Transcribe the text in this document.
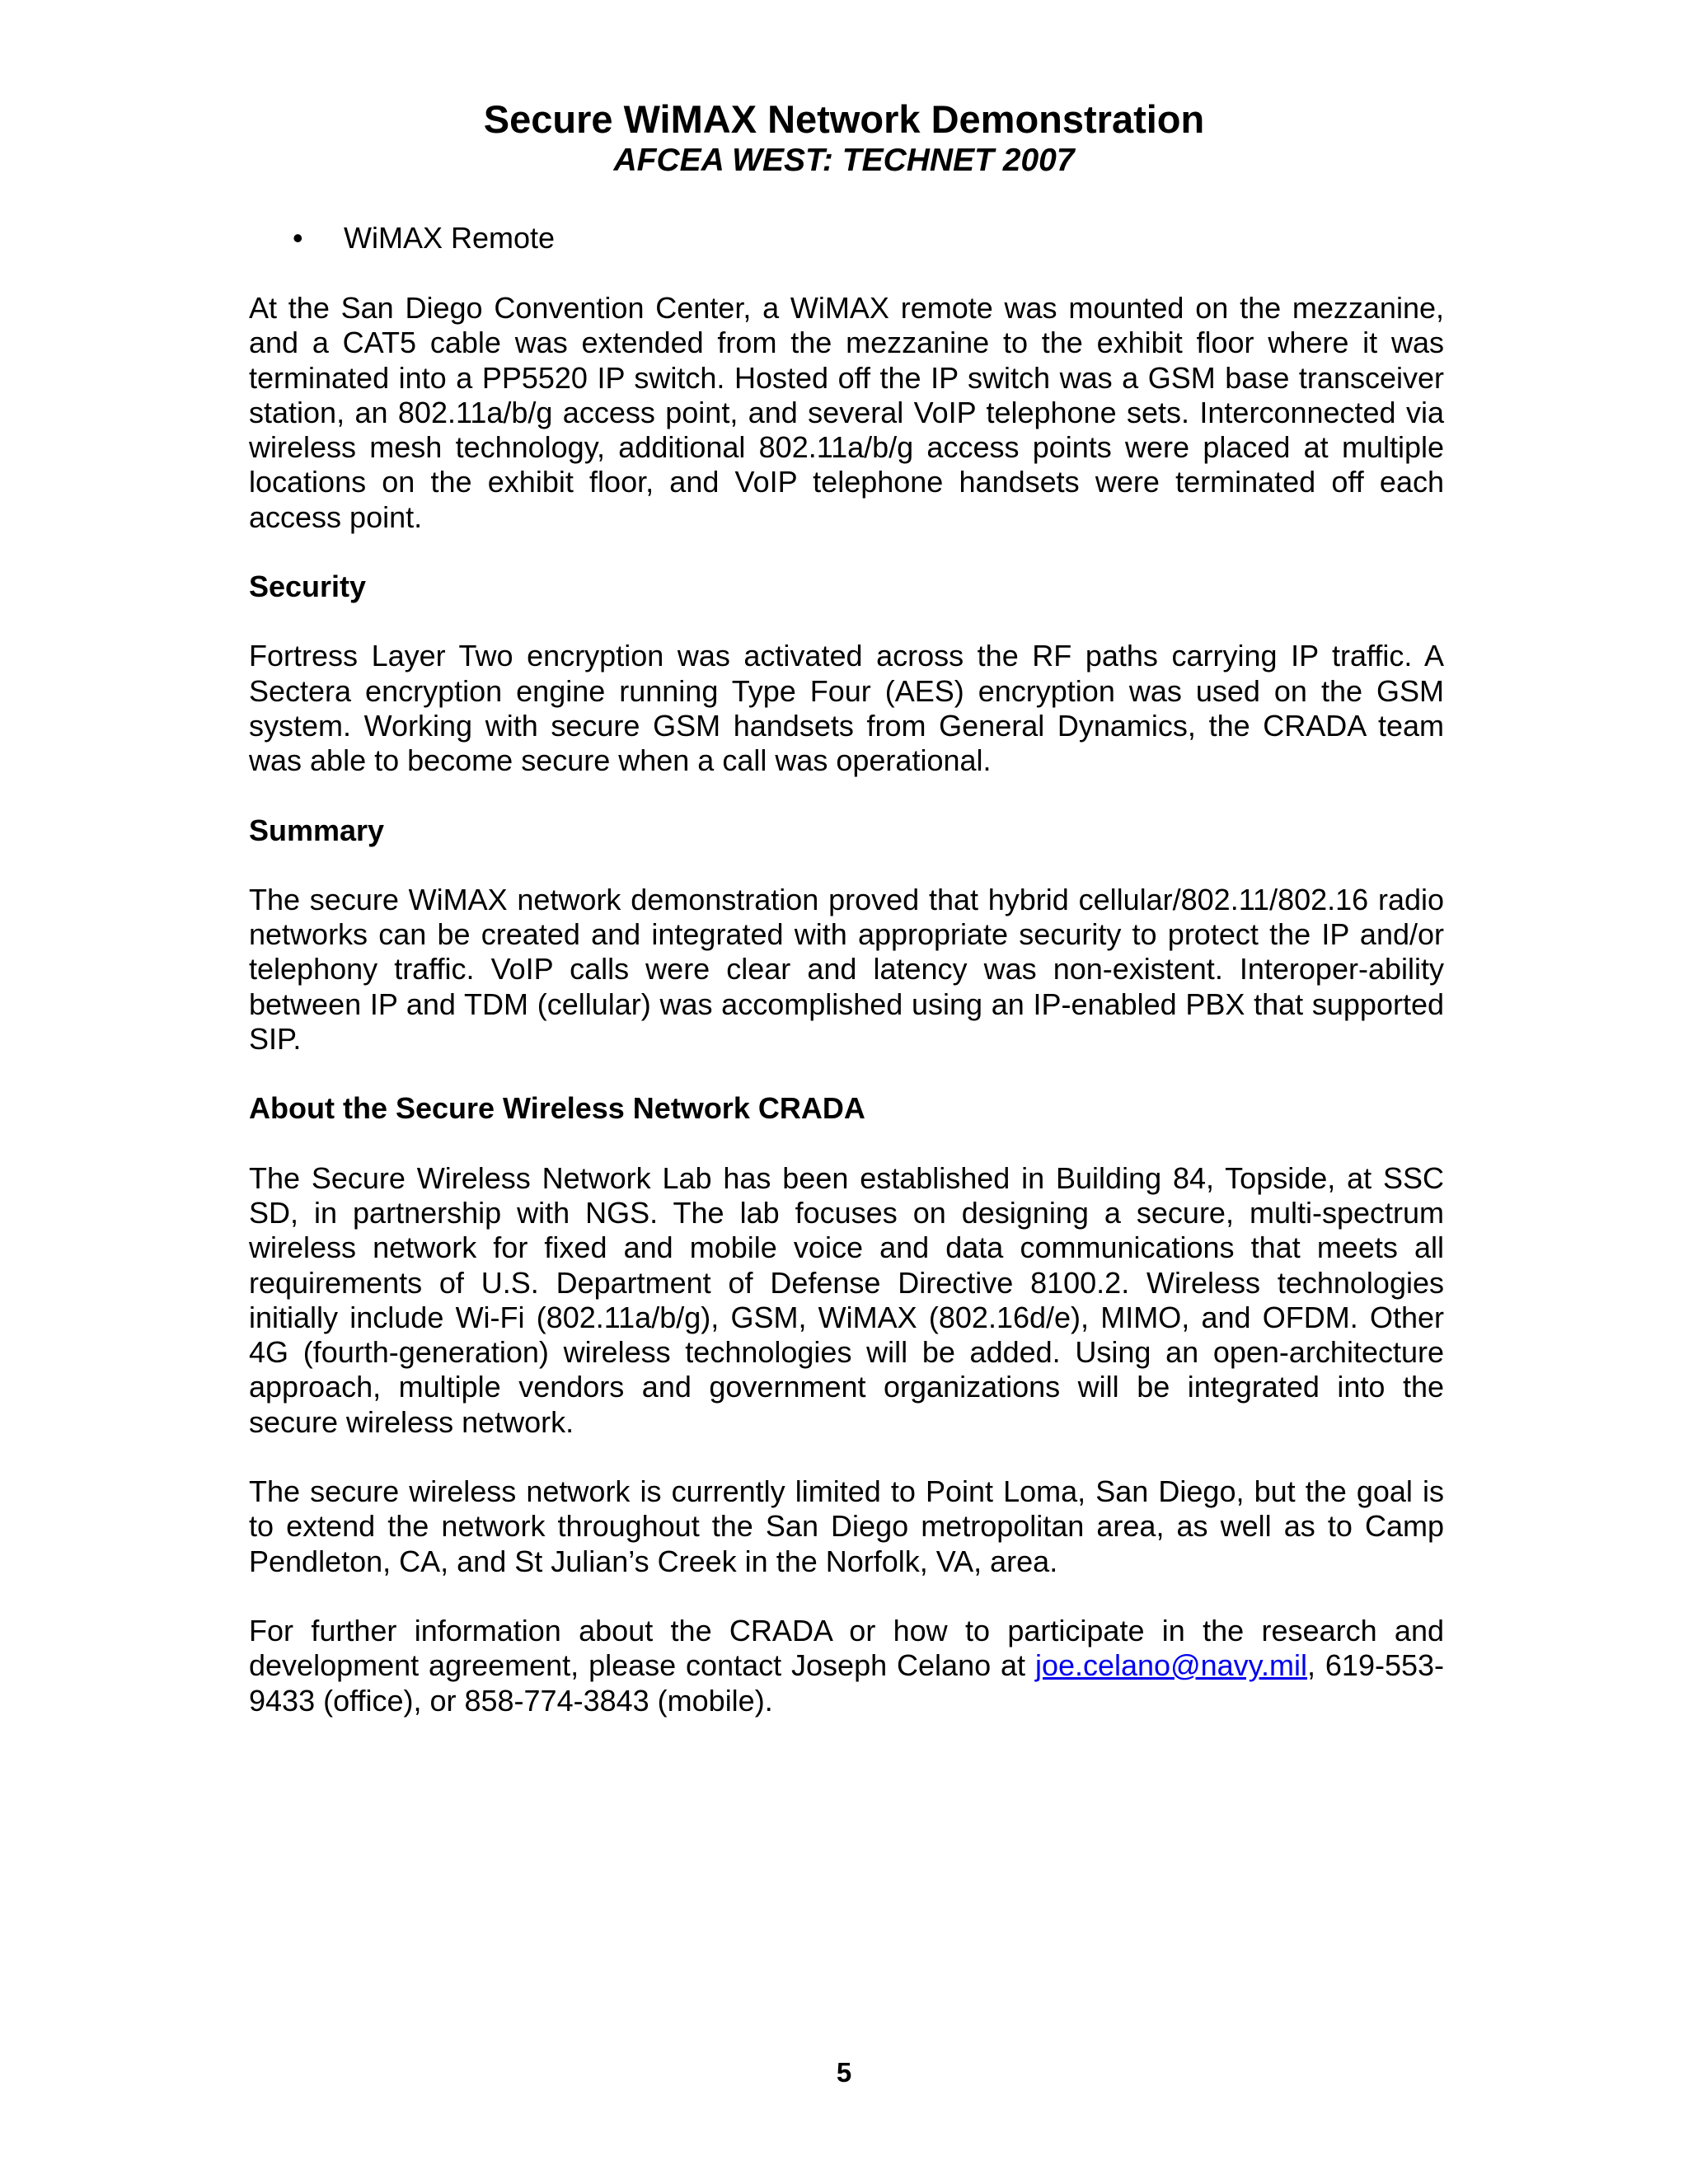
Secure WiMAX Network Demonstration
AFCEA WEST: TECHNET 2007
•	WiMAX Remote

At the San Diego Convention Center, a WiMAX remote was mounted on the mezzanine, and a CAT5 cable was extended from the mezzanine to the exhibit floor where it was terminated into a PP5520 IP switch. Hosted off the IP switch was a GSM base transceiver station, an 802.11a/b/g access point, and several VoIP telephone sets. Interconnected via wireless mesh technology, additional 802.11a/b/g access points were placed at multiple locations on the exhibit floor, and VoIP telephone handsets were terminated off each access point.

Security

Fortress Layer Two encryption was activated across the RF paths carrying IP traffic. A Sectera encryption engine running Type Four (AES) encryption was used on the GSM system. Working with secure GSM handsets from General Dynamics, the CRADA team was able to become secure when a call was operational.

Summary

The secure WiMAX network demonstration proved that hybrid cellular/802.11/802.16 radio networks can be created and integrated with appropriate security to protect the IP and/or telephony traffic. VoIP calls were clear and latency was non-existent. Interoper-ability between IP and TDM (cellular) was accomplished using an IP-enabled PBX that supported SIP.

About the Secure Wireless Network CRADA

The Secure Wireless Network Lab has been established in Building 84, Topside, at SSC SD, in partnership with NGS. The lab focuses on designing a secure, multi-spectrum wireless network for fixed and mobile voice and data communications that meets all requirements of U.S. Department of Defense Directive 8100.2. Wireless technologies initially include Wi-Fi (802.11a/b/g), GSM, WiMAX (802.16d/e), MIMO, and OFDM. Other 4G (fourth-generation) wireless technologies will be added. Using an open-architecture approach, multiple vendors and government organizations will be integrated into the secure wireless network.

The secure wireless network is currently limited to Point Loma, San Diego, but the goal is to extend the network throughout the San Diego metropolitan area, as well as to Camp Pendleton, CA, and St Julian’s Creek in the Norfolk, VA, area.

For further information about the CRADA or how to participate in the research and development agreement, please contact Joseph Celano at joe.celano@navy.mil, 619-553-9433 (office), or 858-774-3843 (mobile).

5
